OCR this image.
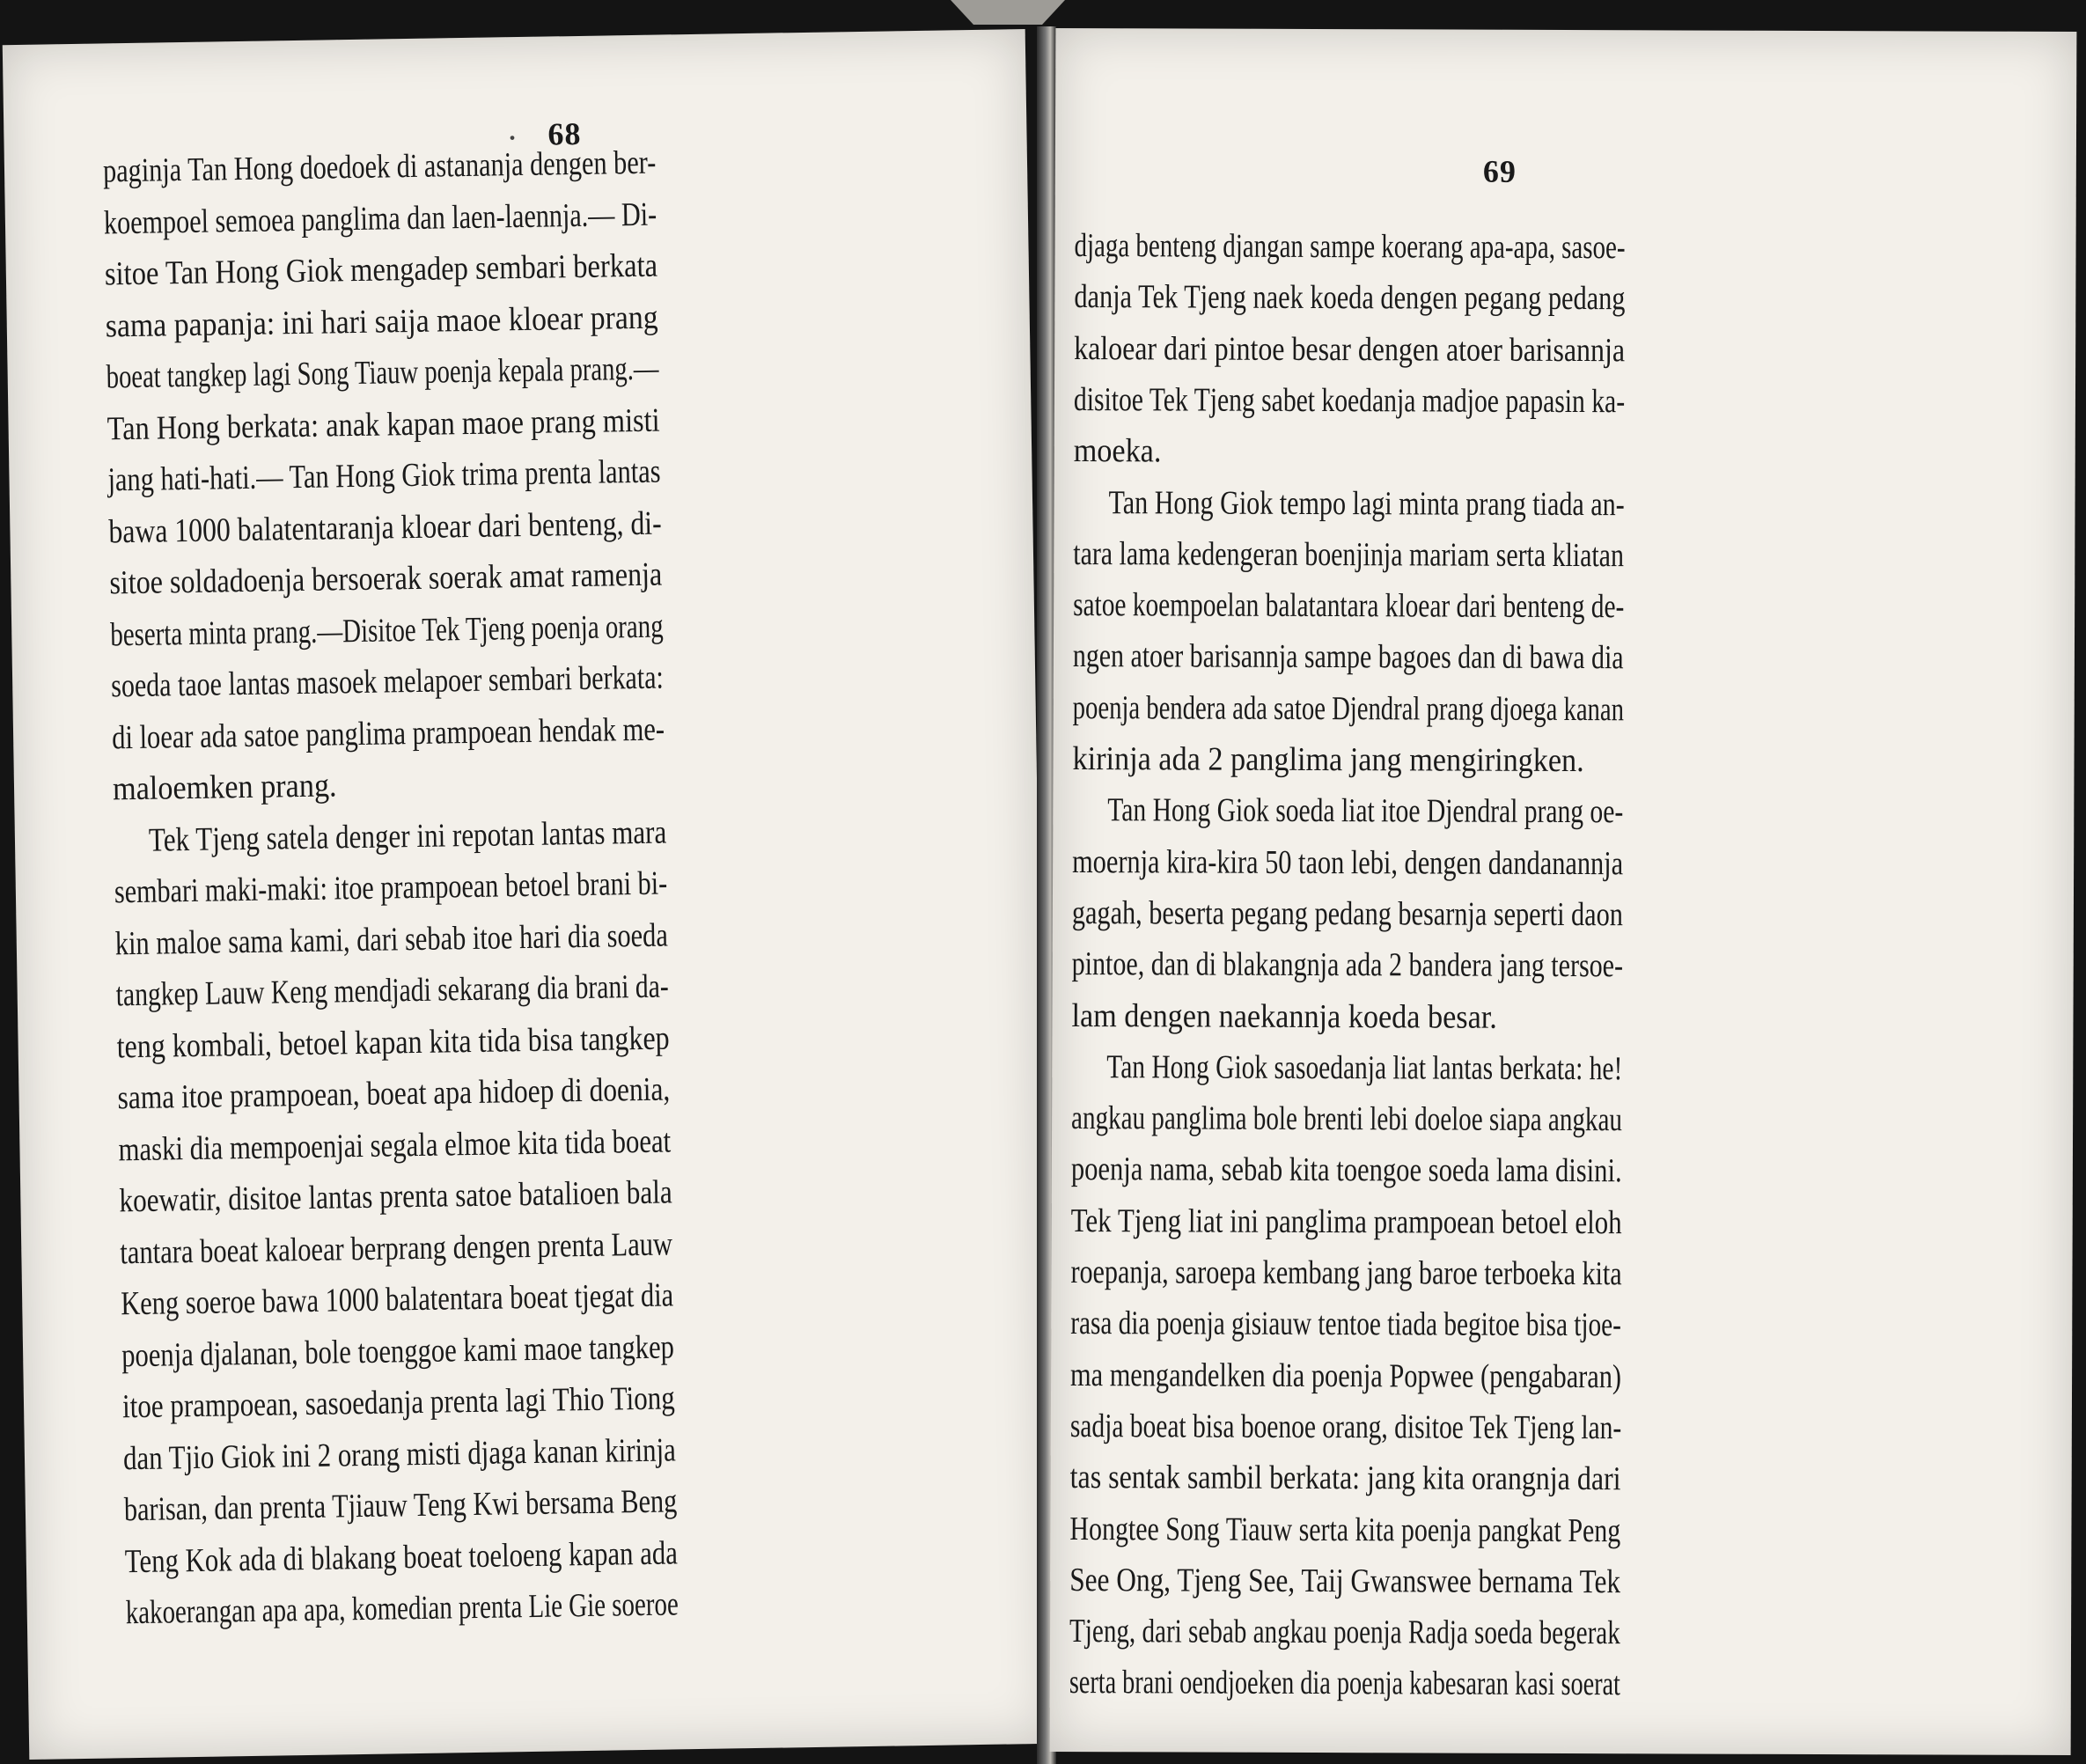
• 68
paginja Tan Hong doedoek di astananja dengen ber-
koempoel semoea panglima dan laen-laennja.— Di-
sitoe Tan Hong Giok mengadep sembari berkata
sama papanja: ini hari saija maoe kloear prang
boeat tangkep lagi Song Tiauw poenja kepala prang.—
Tan Hong berkata: anak kapan maoe prang misti
jang hati-hati.— Tan Hong Giok trima prenta lantas
bawa 1000 balatentaranja kloear dari benteng, di-
sitoe soldadoenja bersoerak soerak amat ramenja
beserta minta prang.—Disitoe Tek Tjeng poenja orang
soeda taoe lantas masoek melapoer sembari berkata:
di loear ada satoe panglima prampoean hendak me-
maloemken prang.
Tek Tjeng satela denger ini repotan lantas mara
sembari maki-maki: itoe prampoean betoel brani bi-
kin maloe sama kami, dari sebab itoe hari dia soeda
tangkep Lauw Keng mendjadi sekarang dia brani da-
teng kombali, betoel kapan kita tida bisa tangkep
sama itoe prampoean, boeat apa hidoep di doenia,
maski dia mempoenjai segala elmoe kita tida boeat
koewatir, disitoe lantas prenta satoe batalioen bala
tantara boeat kaloear berprang dengen prenta Lauw
Keng soeroe bawa 1000 balatentara boeat tjegat dia
poenja djalanan, bole toenggoe kami maoe tangkep
itoe prampoean, sasoedanja prenta lagi Thio Tiong
dan Tjio Giok ini 2 orang misti djaga kanan kirinja
barisan, dan prenta Tjiauw Teng Kwi bersama Beng
Teng Kok ada di blakang boeat toeloeng kapan ada
kakoerangan apa apa, komedian prenta Lie Gie soeroe
69
djaga benteng djangan sampe koerang apa-apa, sasoe-
danja Tek Tjeng naek koeda dengen pegang pedang
kaloear dari pintoe besar dengen atoer barisannja
disitoe Tek Tjeng sabet koedanja madjoe papasin ka-
moeka.
Tan Hong Giok tempo lagi minta prang tiada an-
tara lama kedengeran boenjinja mariam serta kliatan
satoe koempoelan balatantara kloear dari benteng de-
ngen atoer barisannja sampe bagoes dan di bawa dia
poenja bendera ada satoe Djendral prang djoega kanan
kirinja ada 2 panglima jang mengiringken.
Tan Hong Giok soeda liat itoe Djendral prang oe-
moernja kira-kira 50 taon lebi, dengen dandanannja
gagah, beserta pegang pedang besarnja seperti daon
pintoe, dan di blakangnja ada 2 bandera jang tersoe-
lam dengen naekannja koeda besar.
Tan Hong Giok sasoedanja liat lantas berkata: he!
angkau panglima bole brenti lebi doeloe siapa angkau
poenja nama, sebab kita toengoe soeda lama disini.
Tek Tjeng liat ini panglima prampoean betoel eloh
roepanja, saroepa kembang jang baroe terboeka kita
rasa dia poenja gisiauw tentoe tiada begitoe bisa tjoe-
ma mengandelken dia poenja Popwee (pengabaran)
sadja boeat bisa boenoe orang, disitoe Tek Tjeng lan-
tas sentak sambil berkata: jang kita orangnja dari
Hongtee Song Tiauw serta kita poenja pangkat Peng
See Ong, Tjeng See, Taij Gwanswee bernama Tek
Tjeng, dari sebab angkau poenja Radja soeda begerak
serta brani oendjoeken dia poenja kabesaran kasi soerat
